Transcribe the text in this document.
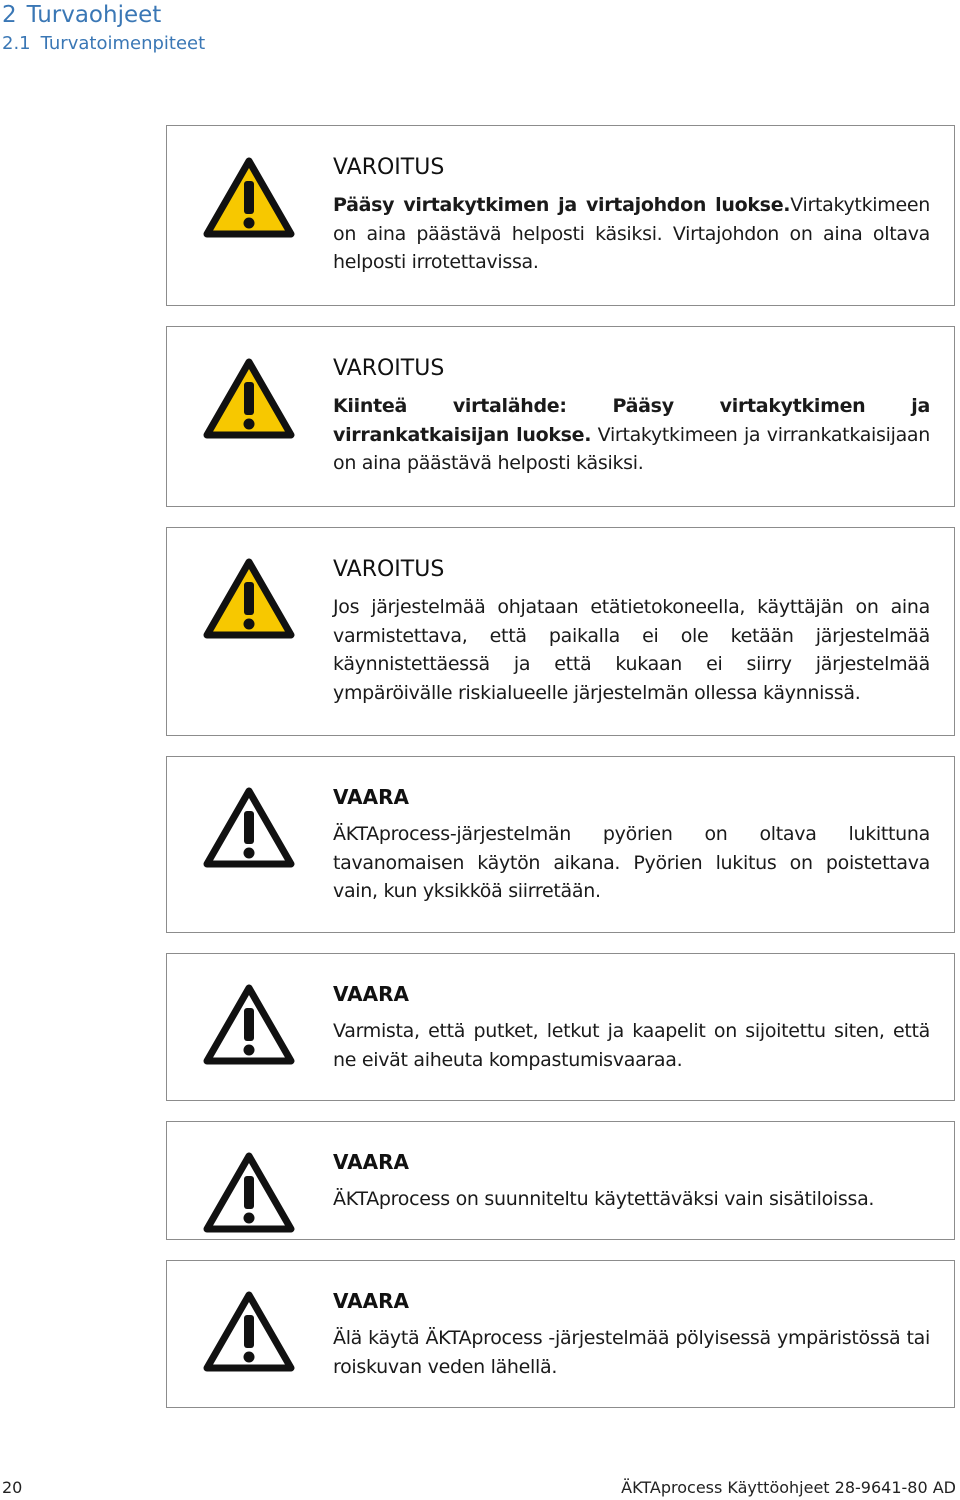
2 Turvaohjeet
2.1 Turvatoimenpiteet
VAROITUS
Pääsy virtakytkimen ja virtajohdon luokse.Virtakytkimeen on aina päästävä helposti käsiksi. Virtajohdon on aina oltava helposti irrotettavissa.
VAROITUS
Kiinteä virtalähde: Pääsy virtakytkimen ja virrankatkaisijan luokse. Virtakytkimeen ja virrankatkaisijaan on aina päästävä helposti käsiksi.
VAROITUS
Jos järjestelmää ohjataan etätietokoneella, käyttäjän on aina varmistettava, että paikalla ei ole ketään järjestelmää käynnistettäessä ja että kukaan ei siirry järjestelmää ympäröivälle riskialueelle järjestelmän ollessa käynnissä.
VAARA
ÄKTAprocess-järjestelmän pyörien on oltava lukittuna tavanomaisen käytön aikana. Pyörien lukitus on poistettava vain, kun yksikköä siirretään.
VAARA
Varmista, että putket, letkut ja kaapelit on sijoitettu siten, että ne eivät aiheuta kompastumisvaaraa.
VAARA
ÄKTAprocess on suunniteltu käytettäväksi vain sisätiloissa.
VAARA
Älä käytä ÄKTAprocess -järjestelmää pölyisessä ympäristössä tai roiskuvan veden lähellä.
20	ÄKTAprocess Käyttöohjeet 28-9641-80 AD
